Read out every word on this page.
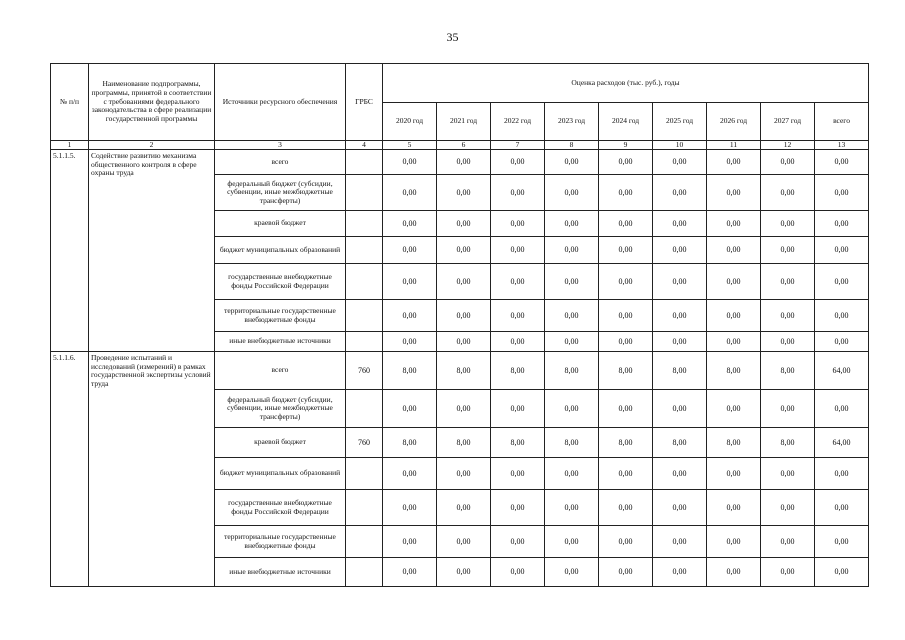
35
№ п/п	Наименование подпрограммы, программы, принятой в соответствии с требованиями федерального законодательства в сфере реализации государственной программы	Источники ресурсного обеспечения	ГРБС	Оценка расходов (тыс. руб.), годы								
				2020 год	2021 год	2022 год	2023 год	2024 год	2025 год	2026 год	2027 год	всего
1	2	3	4	5	6	7	8	9	10	11	12	13
5.1.1.5.	Содействие развитию механизма общественного контроля в сфере охраны труда	всего		0,00	0,00	0,00	0,00	0,00	0,00	0,00	0,00	0,00
		федеральный бюджет (субсидии, субвенции, иные межбюджетные трансферты)		0,00	0,00	0,00	0,00	0,00	0,00	0,00	0,00	0,00
		краевой бюджет		0,00	0,00	0,00	0,00	0,00	0,00	0,00	0,00	0,00
		бюджет муниципальных образований		0,00	0,00	0,00	0,00	0,00	0,00	0,00	0,00	0,00
		государственные внебюджетные фонды Российской Федерации		0,00	0,00	0,00	0,00	0,00	0,00	0,00	0,00	0,00
		территориальные государственные внебюджетные фонды		0,00	0,00	0,00	0,00	0,00	0,00	0,00	0,00	0,00
		иные внебюджетные источники		0,00	0,00	0,00	0,00	0,00	0,00	0,00	0,00	0,00
5.1.1.6.	Проведение испытаний и исследований (измерений) в рамках государственной экспертизы условий труда	всего	760	8,00	8,00	8,00	8,00	8,00	8,00	8,00	8,00	64,00
		федеральный бюджет (субсидии, субвенции, иные межбюджетные трансферты)		0,00	0,00	0,00	0,00	0,00	0,00	0,00	0,00	0,00
		краевой бюджет	760	8,00	8,00	8,00	8,00	8,00	8,00	8,00	8,00	64,00
		бюджет муниципальных образований		0,00	0,00	0,00	0,00	0,00	0,00	0,00	0,00	0,00
		государственные внебюджетные фонды Российской Федерации		0,00	0,00	0,00	0,00	0,00	0,00	0,00	0,00	0,00
		территориальные государственные внебюджетные фонды		0,00	0,00	0,00	0,00	0,00	0,00	0,00	0,00	0,00
		иные внебюджетные источники		0,00	0,00	0,00	0,00	0,00	0,00	0,00	0,00	0,00
